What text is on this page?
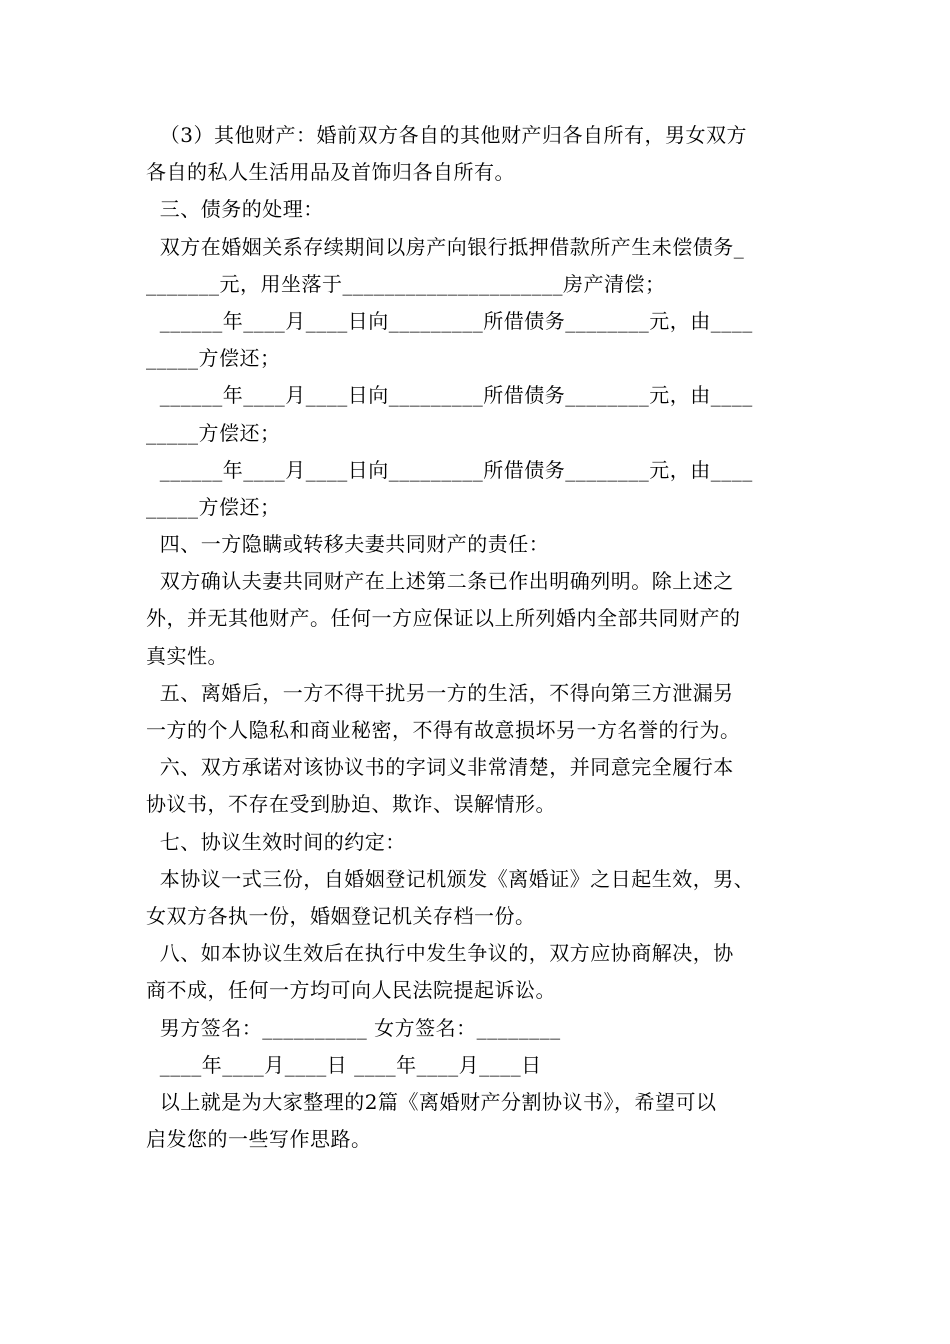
（3）其他财产：婚前双方各自的其他财产归各自所有，男女双方
各自的私人生活用品及首饰归各自所有。
三、债务的处理：
双方在婚姻关系存续期间以房产向银行抵押借款所产生未偿债务_
_______元，用坐落于_____________________房产清偿；
______年____月____日向_________所借债务________元，由____
_____方偿还；
______年____月____日向_________所借债务________元，由____
_____方偿还；
______年____月____日向_________所借债务________元，由____
_____方偿还；
四、一方隐瞒或转移夫妻共同财产的责任：
双方确认夫妻共同财产在上述第二条已作出明确列明。除上述之
外，并无其他财产。任何一方应保证以上所列婚内全部共同财产的
真实性。
五、离婚后，一方不得干扰另一方的生活，不得向第三方泄漏另
一方的个人隐私和商业秘密，不得有故意损坏另一方名誉的行为。
六、双方承诺对该协议书的字词义非常清楚，并同意完全履行本
协议书，不存在受到胁迫、欺诈、误解情形。
七、协议生效时间的约定：
本协议一式三份，自婚姻登记机颁发《离婚证》之日起生效，男、
女双方各执一份，婚姻登记机关存档一份。
八、如本协议生效后在执行中发生争议的，双方应协商解决，协
商不成，任何一方均可向人民法院提起诉讼。
男方签名：__________ 女方签名：________
____年____月____日 ____年____月____日
以上就是为大家整理的2篇《离婚财产分割协议书》，希望可以
启发您的一些写作思路。
